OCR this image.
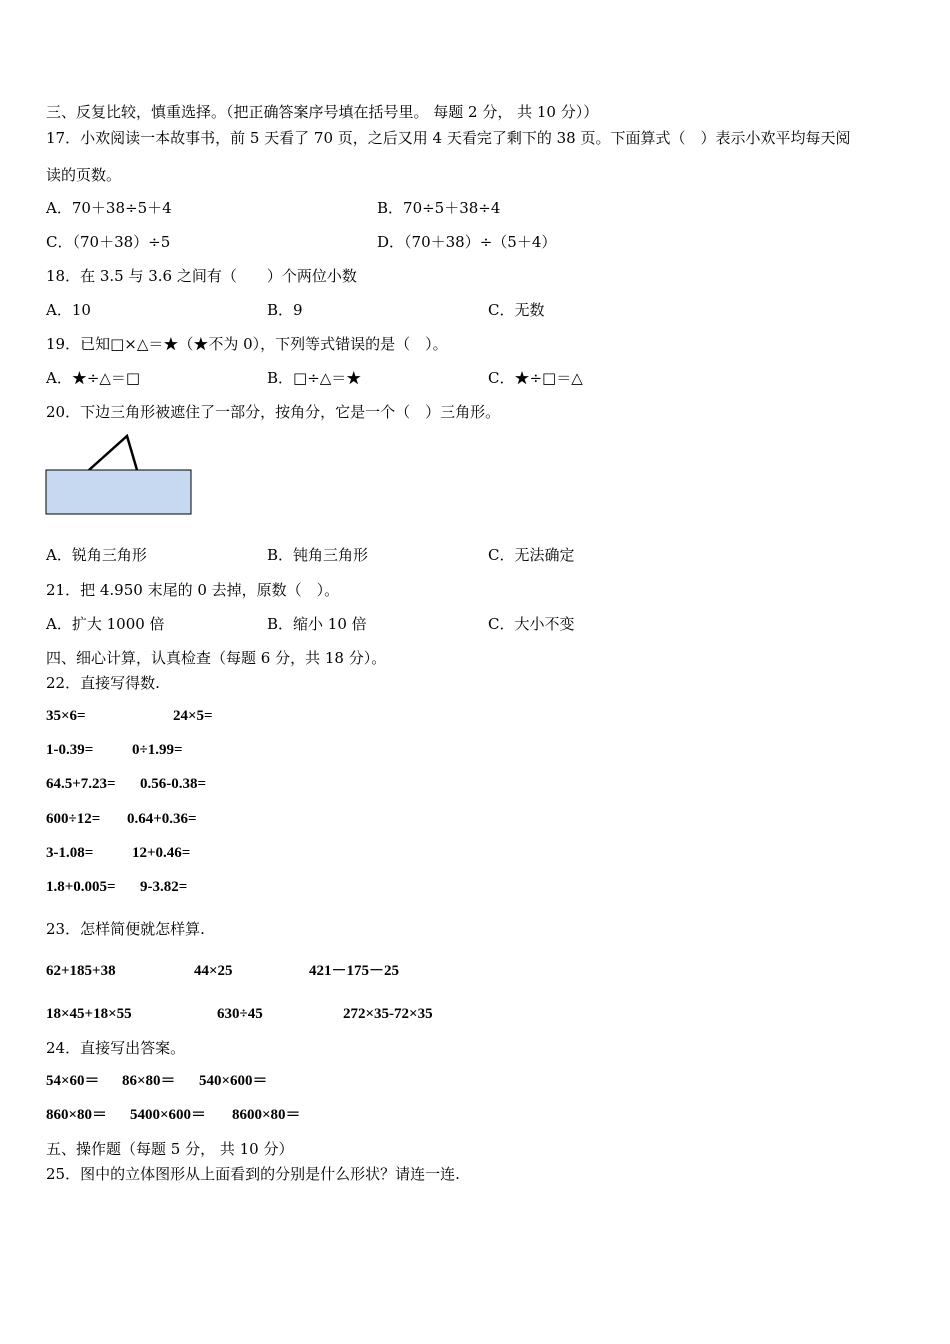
三、反复比较，慎重选择。（把正确答案序号填在括号里。 每题 2 分， 共 10 分））
17．小欢阅读一本故事书，前 5 天看了 70 页，之后又用 4 天看完了剩下的 38 页。下面算式（　）表示小欢平均每天阅
读的页数。
A．70＋38÷5＋4	B．70÷5＋38÷4
C．（70＋38）÷5	D．（70＋38）÷（5＋4）
18．在 3.5 与 3.6 之间有（　　）个两位小数
A．10	B．9	C．无数
19．已知□×△＝★（★不为 0），下列等式错误的是（　）。
A．★÷△＝□	B．□÷△＝★	C．★÷□＝△
20．下边三角形被遮住了一部分，按角分，它是一个（　）三角形。
A．锐角三角形	B．钝角三角形	C．无法确定
21．把 4.950 末尾的 0 去掉，原数（　）。
A．扩大 1000 倍	B．缩小 10 倍	C．大小不变
四、细心计算，认真检查（每题 6 分，共 18 分）。
22．直接写得数.
35×6=	24×5=
1-0.39=	0÷1.99=
64.5+7.23= 0.56-0.38=
600÷12= 0.64+0.36=
3-1.08=	12+0.46=
1.8+0.005= 9-3.82=
23．怎样简便就怎样算.
62+185+38	44×25	421－175－25
18×45+18×55	630÷45	272×35-72×35
24．直接写出答案。
54×60＝ 86×80＝ 540×600＝
860×80＝ 5400×600＝ 8600×80＝
五、操作题（每题 5 分， 共 10 分）
25．图中的立体图形从上面看到的分别是什么形状？请连一连.
